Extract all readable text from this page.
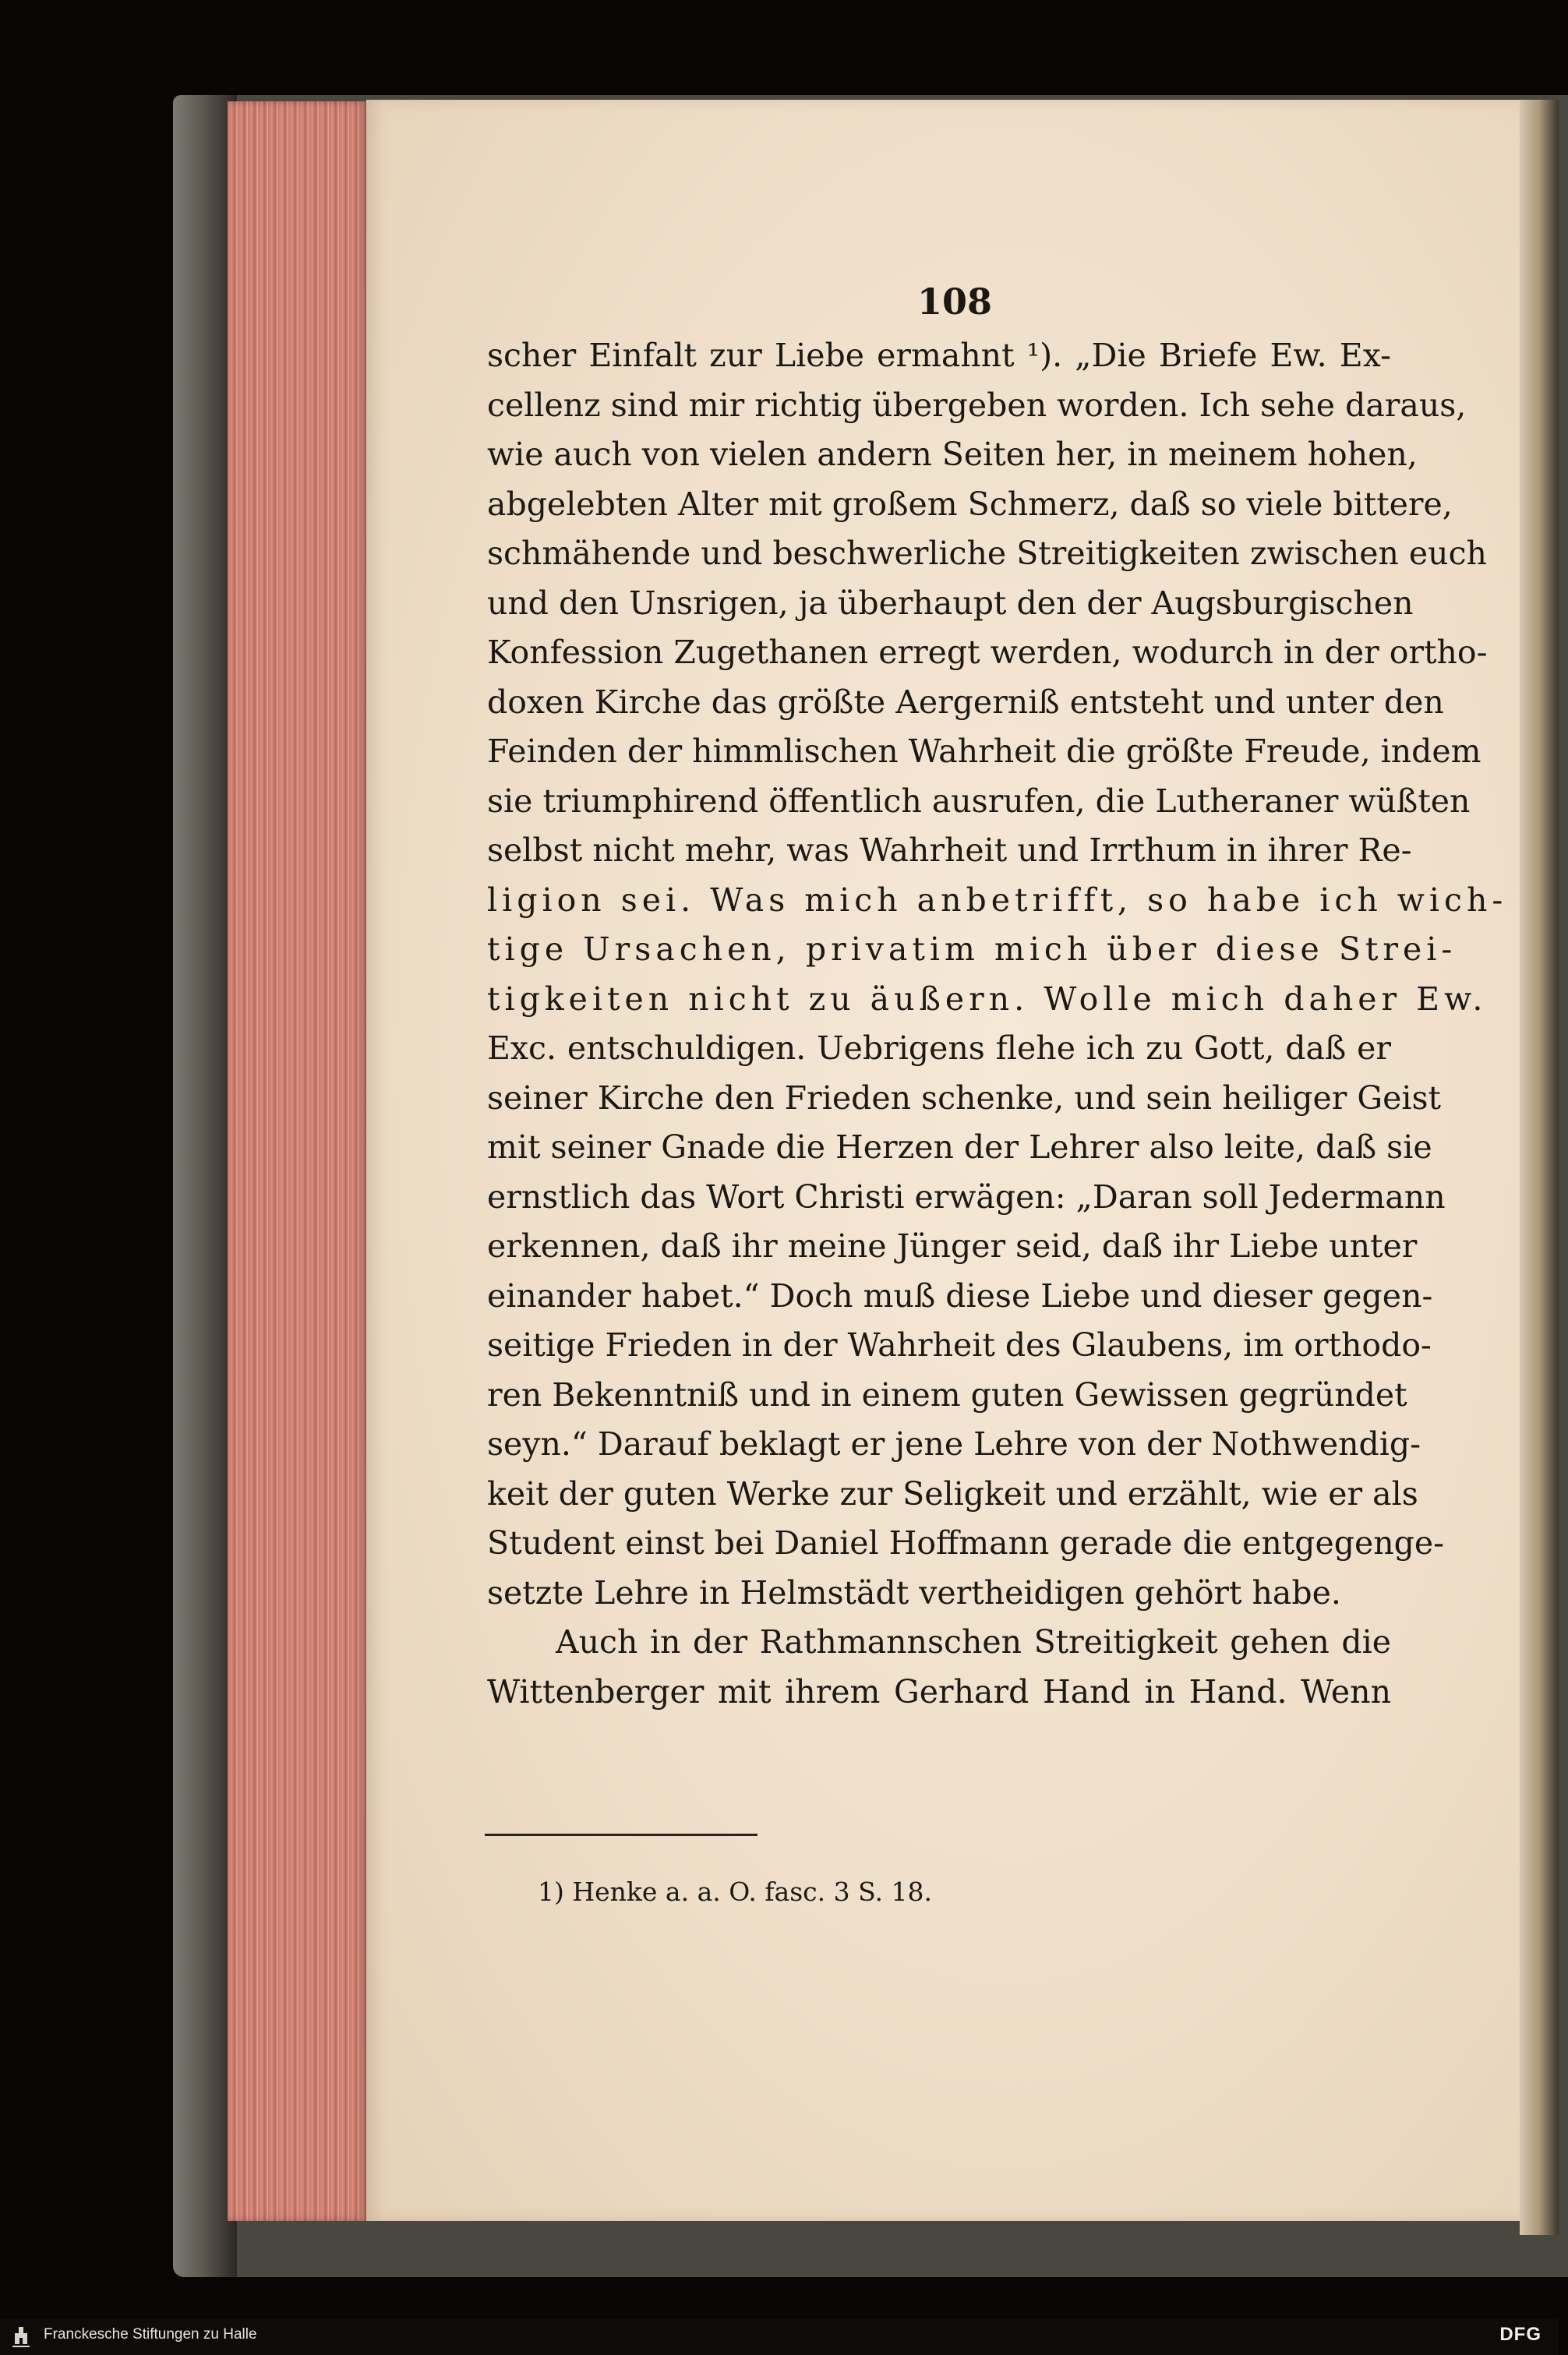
108
scher Einfalt zur Liebe ermahnt ¹). „Die Briefe Ew. Ex-
cellenz sind mir richtig übergeben worden. Ich sehe daraus,
wie auch von vielen andern Seiten her, in meinem hohen,
abgelebten Alter mit großem Schmerz, daß so viele bittere,
schmähende und beschwerliche Streitigkeiten zwischen euch
und den Unsrigen, ja überhaupt den der Augsburgischen
Konfession Zugethanen erregt werden, wodurch in der ortho-
doxen Kirche das größte Aergerniß entsteht und unter den
Feinden der himmlischen Wahrheit die größte Freude, indem
sie triumphirend öffentlich ausrufen, die Lutheraner wüßten
selbst nicht mehr, was Wahrheit und Irrthum in ihrer Re-
ligion sei. Was mich anbetrifft, so habe ich wich-
tige Ursachen, privatim mich über diese Strei-
tigkeiten nicht zu äußern. Wolle mich daher Ew.
Exc. entschuldigen. Uebrigens flehe ich zu Gott, daß er
seiner Kirche den Frieden schenke, und sein heiliger Geist
mit seiner Gnade die Herzen der Lehrer also leite, daß sie
ernstlich das Wort Christi erwägen: „Daran soll Jedermann
erkennen, daß ihr meine Jünger seid, daß ihr Liebe unter
einander habet.“ Doch muß diese Liebe und dieser gegen-
seitige Frieden in der Wahrheit des Glaubens, im orthodo-
ren Bekenntniß und in einem guten Gewissen gegründet
seyn.“ Darauf beklagt er jene Lehre von der Nothwendig-
keit der guten Werke zur Seligkeit und erzählt, wie er als
Student einst bei Daniel Hoffmann gerade die entgegenge-
setzte Lehre in Helmstädt vertheidigen gehört habe.
Auch in der Rathmannschen Streitigkeit gehen die
Wittenberger mit ihrem Gerhard Hand in Hand. Wenn
1) Henke a. a. O. fasc. 3 S. 18.
Franckesche Stiftungen zu Halle	DFG
